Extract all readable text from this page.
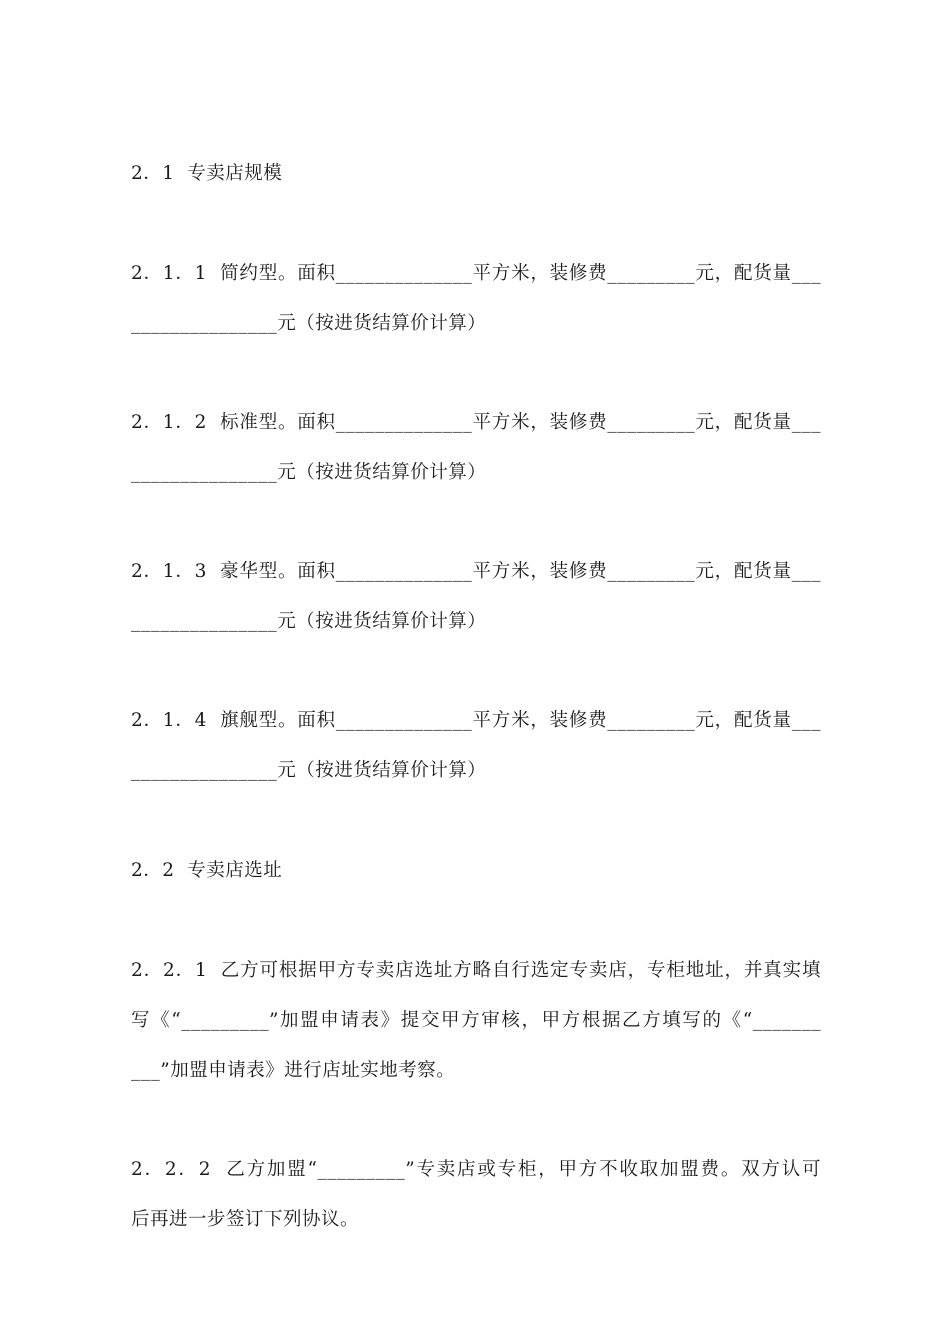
2．1  专卖店规模
2．1．1  简约型。面积______________平方米，装修费_________元，配货量___
_______________元（按进货结算价计算）
2．1．2  标准型。面积______________平方米，装修费_________元，配货量___
_______________元（按进货结算价计算）
2．1．3  豪华型。面积______________平方米，装修费_________元，配货量___
_______________元（按进货结算价计算）
2．1．4  旗舰型。面积______________平方米，装修费_________元，配货量___
_______________元（按进货结算价计算）
2．2  专卖店选址
2．2．1  乙方可根据甲方专卖店选址方略自行选定专卖店，专柜地址，并真实填
写《“_________”加盟申请表》提交甲方审核，甲方根据乙方填写的《“_______
___”加盟申请表》进行店址实地考察。
2．2．2  乙方加盟“_________”专卖店或专柜，甲方不收取加盟费。双方认可
后再进一步签订下列协议。
